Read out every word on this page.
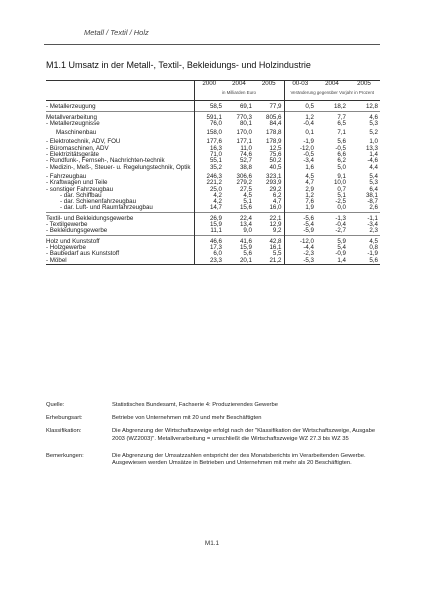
Metall / Textil / Holz
M1.1 Umsatz in der Metall-, Textil-, Bekleidungs- und Holzindustrie
	2000	2004	2005	00-03	2004	2005
	in Milliarden Euro			Veränderung gegenüber Vorjahr in Prozent		

- Metallerzeugung	58,5	69,1	77,9	0,5	18,2	12,8

Metallverarbeitung	591,1	770,3	805,6	1,2	7,7	4,6
- Metallerzeugnisse	76,0	80,1	84,4	-0,4	6,5	5,3

Maschinenbau	158,0	170,0	178,8	0,1	7,1	5,2

- Elektrotechnik, ADV, FOU	177,6	177,1	178,9	-1,9	5,6	1,0
- Büromaschinen, ADV	16,3	11,0	12,5	-12,0	-0,5	13,3
- Elektrizitätsgeräte	71,0	74,6	75,6	-0,5	6,6	1,4
- Rundfunk-, Fernseh-, Nachrichten-technik	55,1	52,7	50,2	-3,4	6,2	-4,6
- Medizin-, Meß-, Steuer- u. Regelungstechnik, Optik	35,2	38,8	40,5	1,6	5,0	4,4

- Fahrzeugbau	246,3	306,6	323,1	4,5	9,1	5,4
- Kraftwagen und Teile	221,2	279,2	293,9	4,7	10,0	5,3
- sonstiger Fahrzeugbau	25,0	27,5	29,2	2,9	0,7	6,4
- dar. Schiffbau	4,2	4,5	6,2	1,2	5,1	38,1
- dar. Schienenfahrzeugbau	4,2	5,1	4,7	7,6	-2,5	-8,7
- dar. Luft- und Raumfahrzeugbau	14,7	15,6	16,0	1,9	0,0	2,6

Textil- und Bekleidungsgewerbe	26,9	22,4	22,1	-5,6	-1,3	-1,1
- Textilgewerbe	15,9	13,4	12,9	-5,4	-0,4	-3,4
- Bekleidungsgewerbe	11,1	9,0	9,2	-5,9	-2,7	2,3

Holz und Kunststoff	46,6	41,6	42,8	-12,0	5,9	4,5
- Holzgewerbe	17,3	15,9	16,1	-4,4	5,4	0,8
- Baubedarf aus Kunststoff	6,0	5,6	5,5	-2,3	-0,9	-1,9
- Möbel	23,3	20,1	21,2	-5,3	1,4	5,6
Quelle:	Statistisches Bundesamt, Fachserie 4: Produzierendes Gewerbe
Erhebungsart:	Betriebe von Unternehmen mit 20 und mehr Beschäftigten
Klassifikation:	Die Abgrenzung der Wirtschaftszweige erfolgt nach der "Klassifikation der Wirtschaftszweige, Ausgabe 2003 (WZ2003)". Metallverarbeitung = umschließt die Wirtschaftszweige WZ 27.3 bis WZ 35
Bemerkungen:	Die Abgrenzung der Umsatzzahlen entspricht der des Monatsberichts im Verarbeitenden Gewerbe. Ausgewiesen werden Umsätze in Betrieben und Unternehmen mit mehr als 20 Beschäftigten.
M1.1
